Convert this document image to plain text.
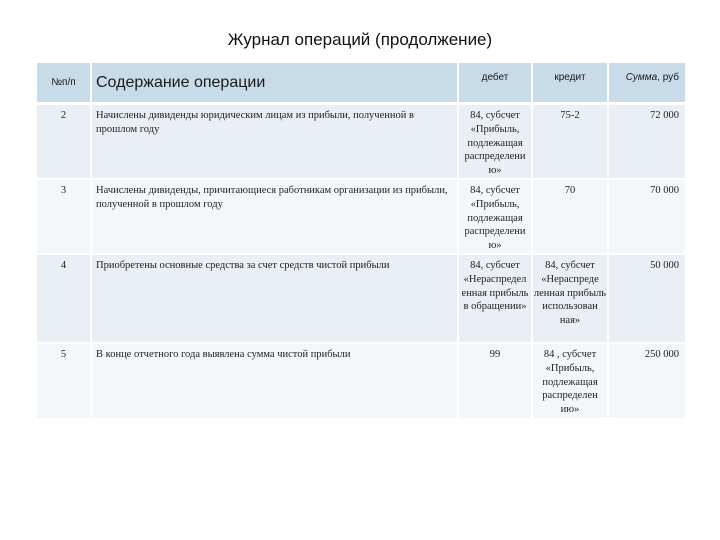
Журнал операций (продолжение)
№п/п	Содержание операции	дебет	кредит	Сумма, руб
2	Начислены дивиденды юридическим лицам из прибыли, полученной в прошлом году	84, субсчет «Прибыль, подлежащая распределени ю»	75-2	72 000
3	Начислены дивиденды, причитающиеся работникам организации из прибыли, полученной в прошлом году	84, субсчет «Прибыль, подлежащая распределени ю»	70	70 000
4	Приобретены основные средства за счет средств чистой прибыли	84, субсчет «Нераспредел енная прибыль в обращении»	84, субсчет «Нераспреде ленная прибыль использован ная»	50 000
5	В конце отчетного года выявлена сумма чистой прибыли	99	84 , субсчет «Прибыль, подлежащая распределен ию»	250 000
